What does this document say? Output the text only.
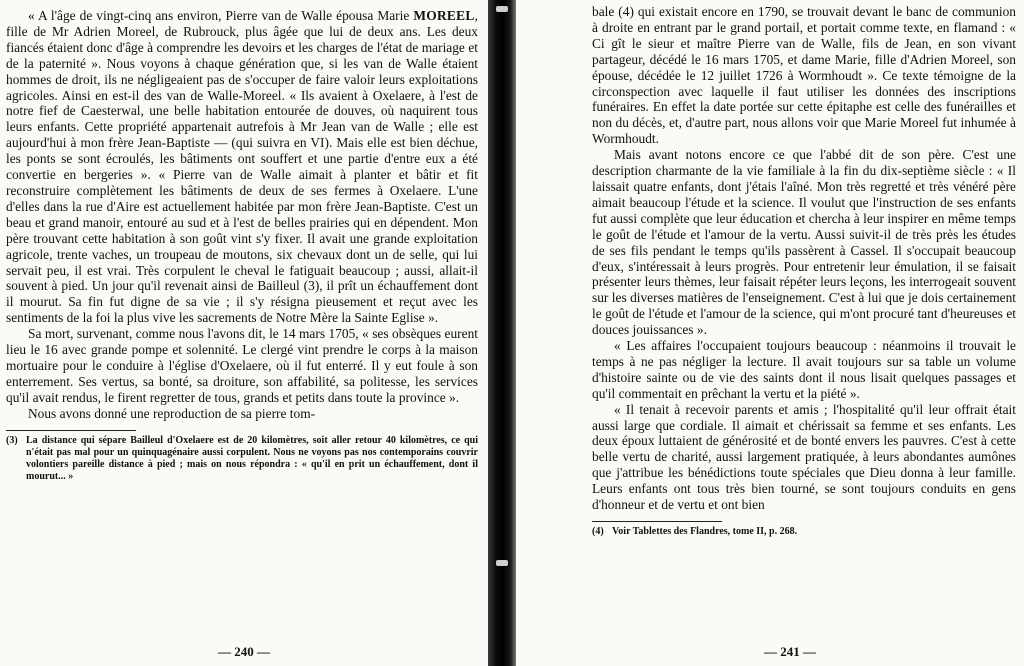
« A l'âge de vingt-cinq ans environ, Pierre van de Walle épousa Marie MOREEL, fille de Mr Adrien Moreel, de Rubrouck, plus âgée que lui de deux ans. Les deux fiancés étaient donc d'âge à comprendre les devoirs et les charges de l'état de mariage et de la paternité ». Nous voyons à chaque génération que, si les van de Walle étaient hommes de droit, ils ne négligeaient pas de s'occuper de faire valoir leurs exploitations agricoles. Ainsi en est-il des van de Walle-Moreel. « Ils avaient à Oxelaere, à l'est de notre fief de Caesterwal, une belle habitation entourée de douves, où naquirent tous leurs enfants. Cette propriété appartenait autrefois à Mr Jean van de Walle ; elle est aujourd'hui à mon frère Jean-Baptiste — (qui suivra en VI). Mais elle est bien déchue, les ponts se sont écroulés, les bâtiments ont souffert et une partie d'entre eux a été convertie en bergeries ». « Pierre van de Walle aimait à planter et bâtir et fit reconstruire complètement les bâtiments de deux de ses fermes à Oxelaere. L'une d'elles dans la rue d'Aire est actuellement habitée par mon frère Jean-Baptiste. C'est un beau et grand manoir, entouré au sud et à l'est de belles prairies qui en dépendent. Mon père trouvant cette habitation à son goût vint s'y fixer. Il avait une grande exploitation agricole, trente vaches, un troupeau de moutons, six chevaux dont un de selle, qui lui servait peu, il est vrai. Très corpulent le cheval le fatiguait beaucoup ; aussi, allait-il souvent à pied. Un jour qu'il revenait ainsi de Bailleul (3), il prît un échauffement dont il mourut. Sa fin fut digne de sa vie ; il s'y résigna pieusement et reçut avec les sentiments de la foi la plus vive les sacrements de Notre Mère la Sainte Eglise ».

Sa mort, survenant, comme nous l'avons dit, le 14 mars 1705, « ses obsèques eurent lieu le 16 avec grande pompe et solennité. Le clergé vint prendre le corps à la maison mortuaire pour le conduire à l'église d'Oxelaere, où il fut enterré. Il y eut foule à son enterrement. Ses vertus, sa bonté, sa droiture, son affabilité, sa politesse, les services qu'il avait rendus, le firent regretter de tous, grands et petits dans toute la province ».

Nous avons donné une reproduction de sa pierre tom-

(3) La distance qui sépare Bailleul d'Oxelaere est de 20 kilomètres, soit aller retour 40 kilomètres, ce qui n'était pas mal pour un quinquagénaire aussi corpulent. Nous ne voyons pas nos contemporains couvrir volontiers pareille distance à pied ; mais on nous répondra : « qu'il en prit un échauffement, dont il mourut... »
— 240 —

bale (4) qui existait encore en 1790, se trouvait devant le banc de communion à droite en entrant par le grand portail, et portait comme texte, en flamand : « Ci gît le sieur et maître Pierre van de Walle, fils de Jean, en son vivant partageur, décédé le 16 mars 1705, et dame Marie, fille d'Adrien Moreel, son épouse, décédée le 12 juillet 1726 à Wormhoudt ». Ce texte témoigne de la circonspection avec laquelle il faut utiliser les données des inscriptions funéraires. En effet la date portée sur cette épitaphe est celle des funérailles et non du décès, et, d'autre part, nous allons voir que Marie Moreel fut inhumée à Wormhoudt.

Mais avant notons encore ce que l'abbé dit de son père. C'est une description charmante de la vie familiale à la fin du dix-septième siècle : « Il laissait quatre enfants, dont j'étais l'aîné. Mon très regretté et très vénéré père aimait beaucoup l'étude et la science. Il voulut que l'instruction de ses enfants fut aussi complète que leur éducation et chercha à leur inspirer en même temps le goût de l'étude et l'amour de la vertu. Aussi suivit-il de très près les études de ses fils pendant le temps qu'ils passèrent à Cassel. Il s'occupait beaucoup d'eux, s'intéressait à leurs progrès. Pour entretenir leur émulation, il se faisait présenter leurs thèmes, leur faisait répéter leurs leçons, les interrogeait souvent sur les diverses matières de l'enseignement. C'est à lui que je dois certainement le goût de l'étude et l'amour de la science, qui m'ont procuré tant d'heureuses et douces jouissances ».

« Les affaires l'occupaient toujours beaucoup : néanmoins il trouvait le temps à ne pas négliger la lecture. Il avait toujours sur sa table un volume d'histoire sainte ou de vie des saints dont il nous lisait quelques passages et qu'il commentait en prêchant la vertu et la piété ».

« Il tenait à recevoir parents et amis ; l'hospitalité qu'il leur offrait était aussi large que cordiale. Il aimait et chérissait sa femme et ses enfants. Les deux époux luttaient de générosité et de bonté envers les pauvres. C'est à cette belle vertu de charité, aussi largement pratiquée, à leurs abondantes aumônes que j'attribue les bénédictions toute spéciales que Dieu donna à leur famille. Leurs enfants ont tous très bien tourné, se sont toujours conduits en gens d'honneur et de vertu et ont bien

(4) Voir Tablettes des Flandres, tome II, p. 268.
— 241 —
